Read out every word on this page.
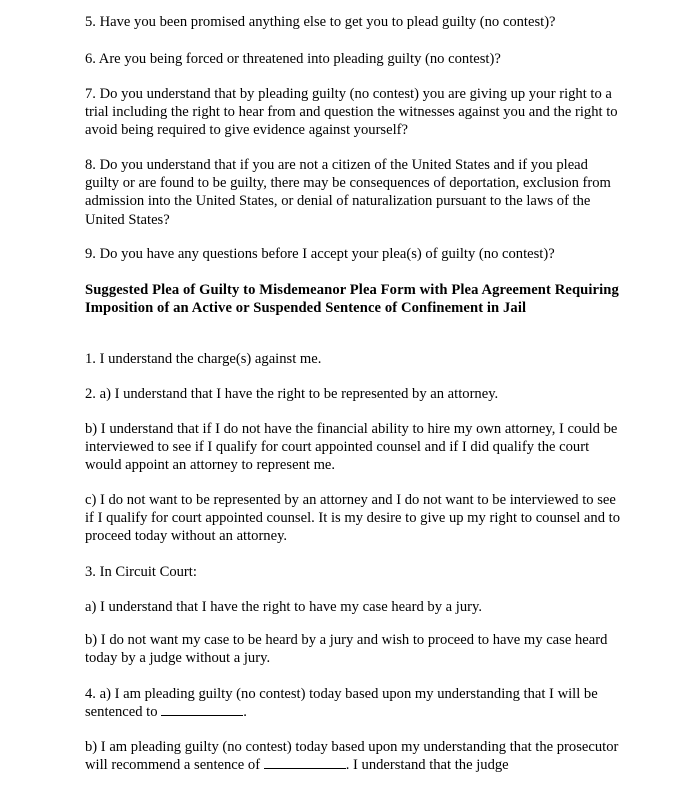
5. Have you been promised anything else to get you to plead guilty (no contest)?

6. Are you being forced or threatened into pleading guilty (no contest)?

7. Do you understand that by pleading guilty (no contest) you are giving up your right to a trial including the right to hear from and question the witnesses against you and the right to avoid being required to give evidence against yourself?

8. Do you understand that if you are not a citizen of the United States and if you plead guilty or are found to be guilty, there may be consequences of deportation, exclusion from admission into the United States, or denial of naturalization pursuant to the laws of the United States?

9. Do you have any questions before I accept your plea(s) of guilty (no contest)?

Suggested Plea of Guilty to Misdemeanor Plea Form with Plea Agreement Requiring Imposition of an Active or Suspended Sentence of Confinement in Jail

1. I understand the charge(s) against me.

2. a) I understand that I have the right to be represented by an attorney.

b) I understand that if I do not have the financial ability to hire my own attorney, I could be interviewed to see if I qualify for court appointed counsel and if I did qualify the court would appoint an attorney to represent me.

c) I do not want to be represented by an attorney and I do not want to be interviewed to see if I qualify for court appointed counsel. It is my desire to give up my right to counsel and to proceed today without an attorney.

3. In Circuit Court:

a) I understand that I have the right to have my case heard by a jury.

b) I do not want my case to be heard by a jury and wish to proceed to have my case heard today by a judge without a jury.

4. a) I am pleading guilty (no contest) today based upon my understanding that I will be sentenced to	.

b) I am pleading guilty (no contest) today based upon my understanding that the prosecutor will recommend a sentence of	. I understand that the judge
